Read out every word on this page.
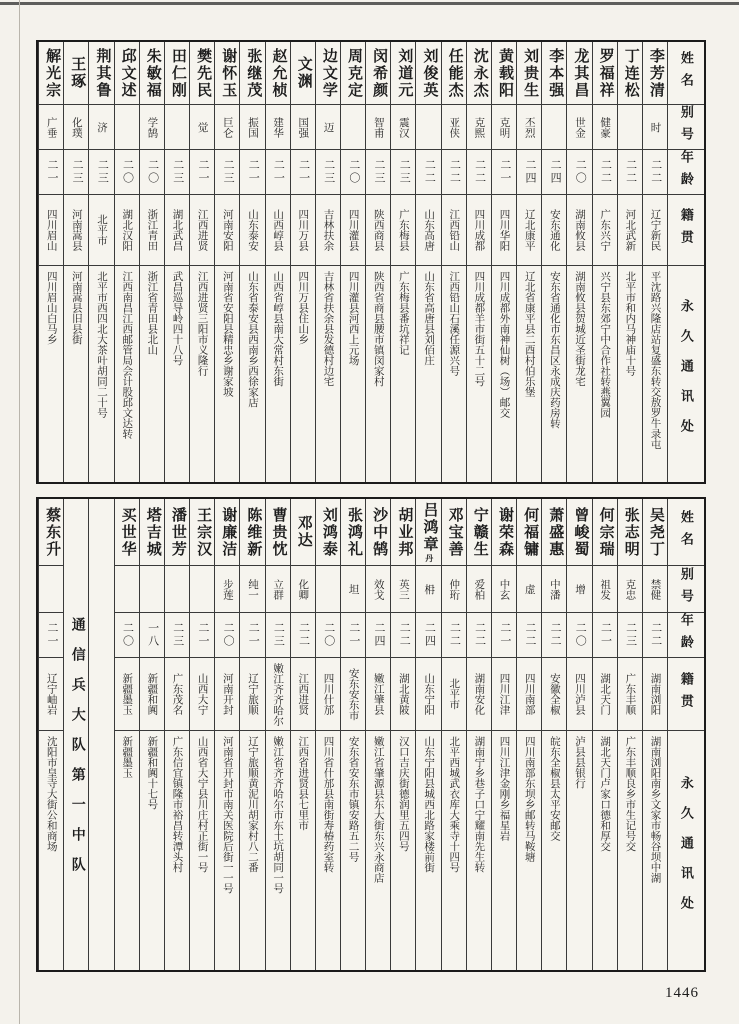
姓名
别号
年龄
籍贯
永久通讯处
李芳清
时
二二
辽宁新民
平沈路兴隆店站复盛东转交敖罗牛录屯
丁连松
二二
河北武新
北平市和内马神庙十号
罗福祥
健豪
二二
广东兴宁
兴宁县东郊宁中合作社转燕翼园
龙其昌
世金
二〇
湖南攸县
湖南攸县贺城近圣街龙宅
李本强
二四
安东通化
安东省通化市东昌区永成庆药房转
刘贵生
丕烈
二四
辽北康平
辽北省康平县二酉村伯乐堡
黄载阳
克明
二一
四川华阳
四川成都外南神仙树（场）邮交
沈永杰
克熙
二二
四川成都
四川成都羊市街五十二号
任能杰
亚侠
二二
江西铅山
江西铅山石溪任源兴号
刘俊英
二二
山东高唐
山东省高唐县刘佰庄
刘道元
震汉
二三
广东梅县
广东梅县番坑祥记
闵希颜
智甫
二三
陕西商县
陕西省商县腰市镇闵家村
周克定
二〇
四川灌县
四川灌县河西上元场
边文学
迈
二三
吉林扶余
吉林省扶余县发德村边宅
文渊
国强
二一
四川万县
四川万县住山乡
赵允桢
建华
二一
山西崞县
山西省崞县南大常村东街
张继茂
振国
二一
山东泰安
山东省泰安县西南乡西徐家店
谢怀玉
巨仑
二三
河南安阳
河南省安阳县精忠乡谢家坡
樊先民
觉
二一
江西进贤
江西进贤三阳市义隆行
田仁刚
二三
湖北武昌
武昌巡导岭四十八号
朱敏福
学鹄
二〇
浙江青田
浙江省青田县北山
邱文述
二〇
湖北汉阳
江西南昌江西邮管局会计股邱文达转
荆其鲁
济
二三
北平市
北平市西四北大茶叶胡同二十号
王琢
化璞
二三
河南嵩县
河南嵩县旧县街
解光宗
广垂
二一
四川眉山
四川眉山白马乡
姓名
别号
年龄
籍贯
永久通讯处
吴尧丁
禁健
二二
湖南浏阳
湖南浏阳南乡文家市畅谷坝中湖
张志明
克忠
二三
广东丰顺
广东丰顺良乡市生记号交
何宗瑞
祖发
二一
湖北天门
湖北天门卢家口德和厚交
曾峻蜀
增
二〇
四川泸县
泸县县银行
萧盛惠
中潘
二二
安徽全椒
皖东全椒县太平安邮交
何福镛
虚
二二
四川南部
四川南部东坝乡邮转马鞍塘
谢荣森
中玄
二一
四川江津
四川江津金刚乡福星岩
宁赣生
爱柏
二二
湖南安化
湖南宁乡巷子口宁耀南先生转
邓宝善
仲珩
二二
北平市
北平西城武衣库大乘寺十四号
吕鸿章
丹
枏
二四
山东宁阳
山东宁阳县城西北路家楼前街
胡业邦
英三
二二
湖北黄陂
汉口吉庆街德润里五四号
沙中鹄
效戈
二四
嫩江肇县
嫩江省肇源县东大街东兴永商店
张鸿礼
坦
二一
安东安东市
安东省安东市镇安路五二号
刘鸿泰
二〇
四川什邡
四川省什邡县南街寿椿药室转
邓达
化卿
二二
江西进贤
江西省进贤县七里市
曹贵忱
立群
二三
嫩江齐齐哈尔
嫩江省齐齐哈尔市东土坑胡同一号
陈维新
纯一
二一
辽宁旅顺
辽宁旅顺黄泥川胡家村八二番
谢廉洁
步莲
二〇
河南开封
河南省开封市南关医院后街一一号
王宗汉
二一
山西大宁
山西省大宁县川庄村正街一号
潘世芳
二三
广东茂名
广东信宜镇隆市裕昌转潭头村
塔吉城
一八
新疆和阗
新疆和阗十七号
买世华
二〇
新疆墨玉
新疆墨玉
通信兵大队第一中队
蔡东升
二一
辽宁岫岩
沈阳市皇寺大街公和商场
1446
